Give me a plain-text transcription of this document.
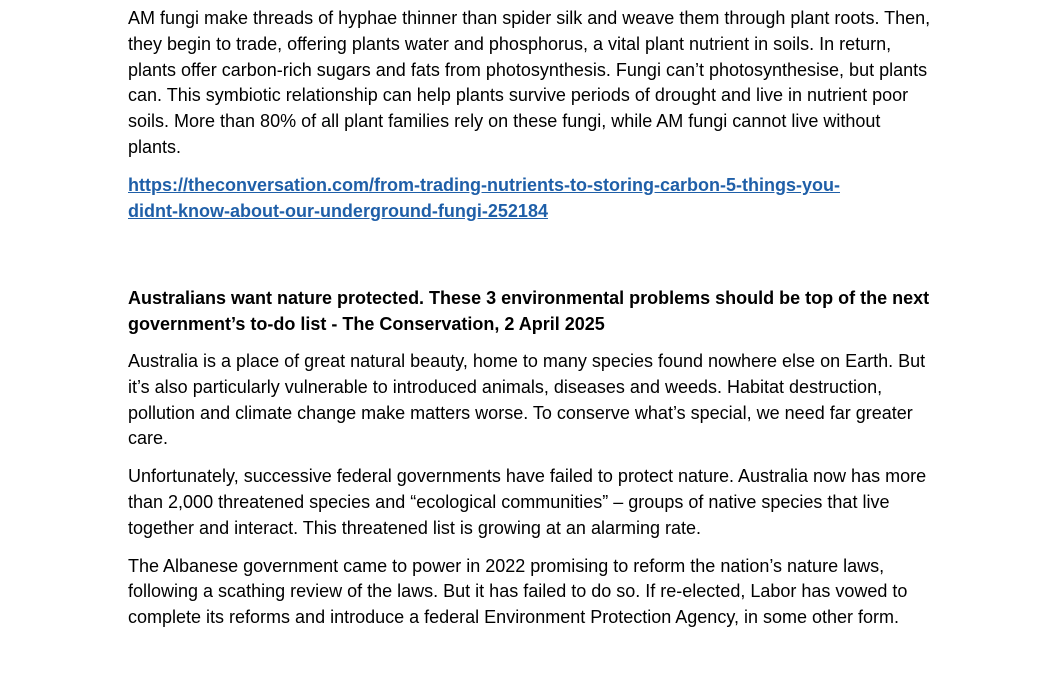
AM fungi make threads of hyphae thinner than spider silk and weave them through plant roots. Then, they begin to trade, offering plants water and phosphorus, a vital plant nutrient in soils. In return, plants offer carbon-rich sugars and fats from photosynthesis. Fungi can’t photosynthesise, but plants can. This symbiotic relationship can help plants survive periods of drought and live in nutrient poor soils. More than 80% of all plant families rely on these fungi, while AM fungi cannot live without plants.

https://theconversation.com/from-trading-nutrients-to-storing-carbon-5-things-you-
didnt-know-about-our-underground-fungi-252184

Australians want nature protected. These 3 environmental problems should be top of the next government’s to-do list - The Conservation, 2 April 2025

Australia is a place of great natural beauty, home to many species found nowhere else on Earth. But it’s also particularly vulnerable to introduced animals, diseases and weeds. Habitat destruction, pollution and climate change make matters worse. To conserve what’s special, we need far greater care.

Unfortunately, successive federal governments have failed to protect nature. Australia now has more than 2,000 threatened species and “ecological communities” – groups of native species that live together and interact. This threatened list is growing at an alarming rate.

The Albanese government came to power in 2022 promising to reform the nation’s nature laws, following a scathing review of the laws. But it has failed to do so. If re-elected, Labor has vowed to complete its reforms and introduce a federal Environment Protection Agency, in some other form.
